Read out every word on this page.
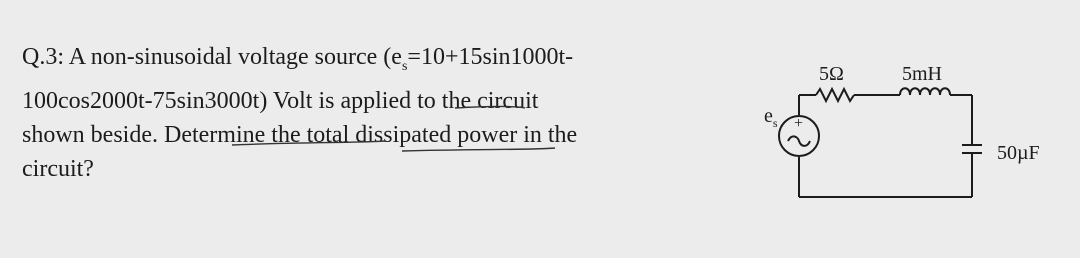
Q.3: A non-sinusoidal voltage source ($e_s=10+15\sin 1000t-$
100cos2000t-75sin3000t) Volt is applied to the circuit
shown beside. Determine the total dissipated power in the
circuit?
$e_s$ +
5Ω	5mH
50µF
